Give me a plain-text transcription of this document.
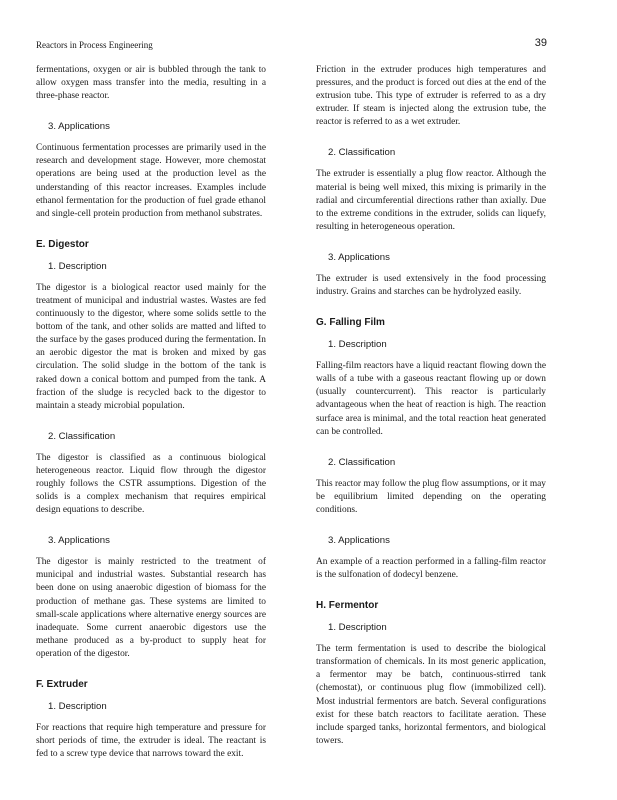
Reactors in Process Engineering	39

fermentations, oxygen or air is bubbled through the tank to allow oxygen mass transfer into the media, resulting in a three-phase reactor.

3. Applications

Continuous fermentation processes are primarily used in the research and development stage. However, more chemostat operations are being used at the production level as the understanding of this reactor increases. Examples include ethanol fermentation for the production of fuel grade ethanol and single-cell protein production from methanol substrates.

E. Digestor
1. Description

The digestor is a biological reactor used mainly for the treatment of municipal and industrial wastes. Wastes are fed continuously to the digestor, where some solids settle to the bottom of the tank, and other solids are matted and lifted to the surface by the gases produced during the fermentation. In an aerobic digestor the mat is broken and mixed by gas circulation. The solid sludge in the bottom of the tank is raked down a conical bottom and pumped from the tank. A fraction of the sludge is recycled back to the digestor to maintain a steady microbial population.

2. Classification

The digestor is classified as a continuous biological heterogeneous reactor. Liquid flow through the digestor roughly follows the CSTR assumptions. Digestion of the solids is a complex mechanism that requires empirical design equations to describe.

3. Applications

The digestor is mainly restricted to the treatment of municipal and industrial wastes. Substantial research has been done on using anaerobic digestion of biomass for the production of methane gas. These systems are limited to small-scale applications where alternative energy sources are inadequate. Some current anaerobic digestors use the methane produced as a by-product to supply heat for operation of the digestor.

F. Extruder
1. Description

For reactions that require high temperature and pressure for short periods of time, the extruder is ideal. The reactant is fed to a screw type device that narrows toward the exit.

Friction in the extruder produces high temperatures and pressures, and the product is forced out dies at the end of the extrusion tube. This type of extruder is referred to as a dry extruder. If steam is injected along the extrusion tube, the reactor is referred to as a wet extruder.

2. Classification

The extruder is essentially a plug flow reactor. Although the material is being well mixed, this mixing is primarily in the radial and circumferential directions rather than axially. Due to the extreme conditions in the extruder, solids can liquefy, resulting in heterogeneous operation.

3. Applications

The extruder is used extensively in the food processing industry. Grains and starches can be hydrolyzed easily.

G. Falling Film
1. Description

Falling-film reactors have a liquid reactant flowing down the walls of a tube with a gaseous reactant flowing up or down (usually countercurrent). This reactor is particularly advantageous when the heat of reaction is high. The reaction surface area is minimal, and the total reaction heat generated can be controlled.

2. Classification

This reactor may follow the plug flow assumptions, or it may be equilibrium limited depending on the operating conditions.

3. Applications

An example of a reaction performed in a falling-film reactor is the sulfonation of dodecyl benzene.

H. Fermentor
1. Description

The term fermentation is used to describe the biological transformation of chemicals. In its most generic application, a fermentor may be batch, continuous-stirred tank (chemostat), or continuous plug flow (immobilized cell). Most industrial fermentors are batch. Several configurations exist for these batch reactors to facilitate aeration. These include sparged tanks, horizontal fermentors, and biological towers.
